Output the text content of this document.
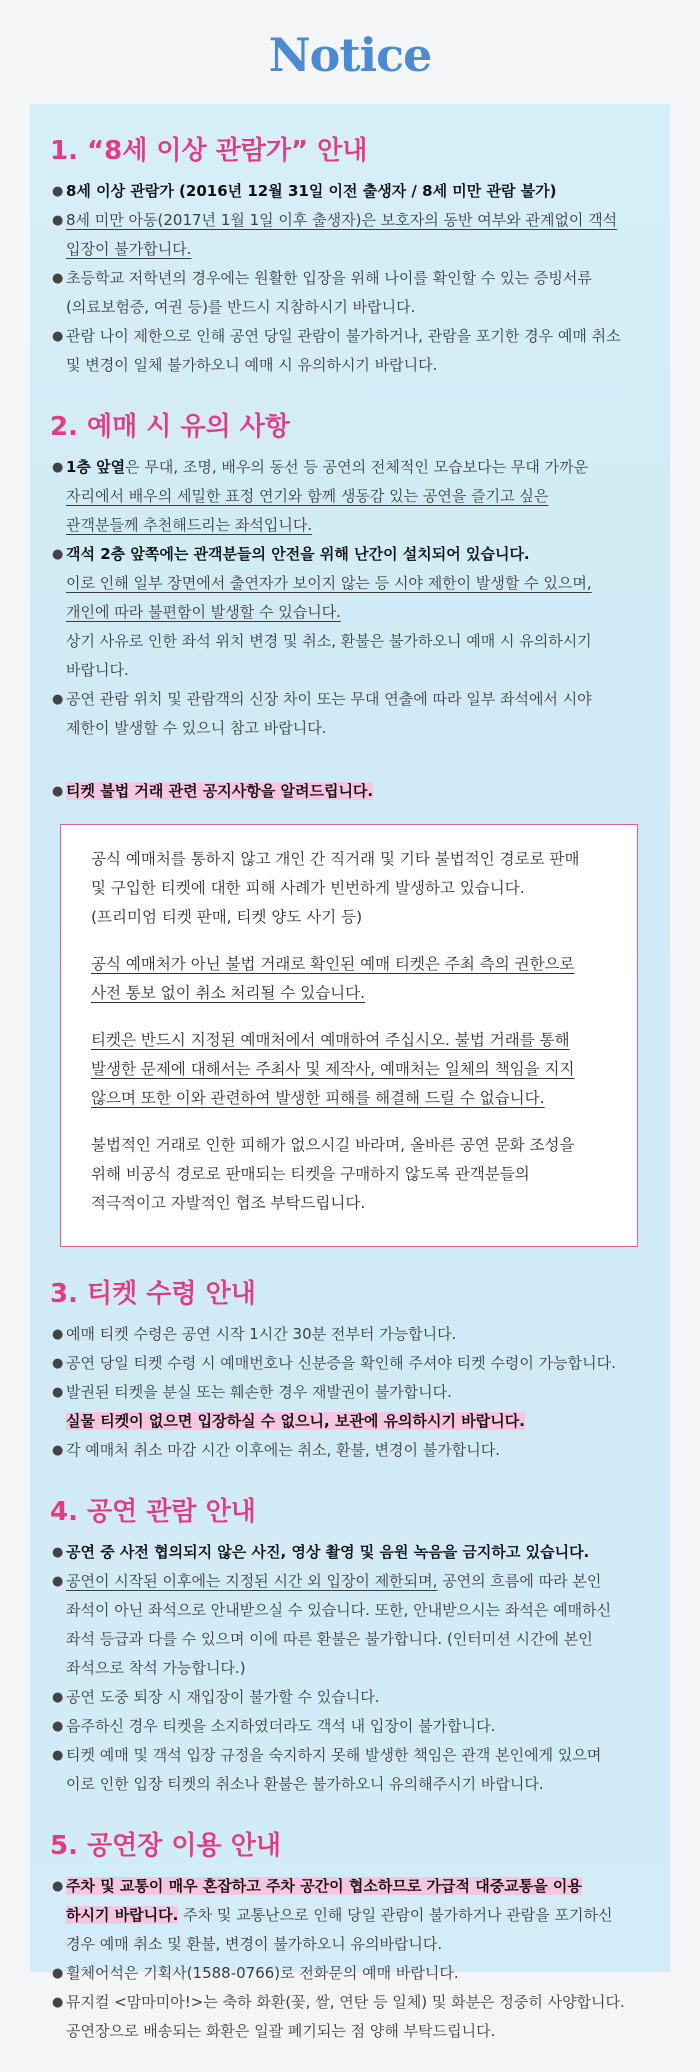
Notice
1. “8세 이상 관람가” 안내
● 8세 이상 관람가 (2016년 12월 31일 이전 출생자 / 8세 미만 관람 불가)
● 8세 미만 아동(2017년 1월 1일 이후 출생자)은 보호자의 동반 여부와 관계없이 객석
입장이 불가합니다.
● 초등학교 저학년의 경우에는 원활한 입장을 위해 나이를 확인할 수 있는 증빙서류
(의료보험증, 여권 등)를 반드시 지참하시기 바랍니다.
● 관람 나이 제한으로 인해 공연 당일 관람이 불가하거나, 관람을 포기한 경우 예매 취소
및 변경이 일체 불가하오니 예매 시 유의하시기 바랍니다.
2. 예매 시 유의 사항
● 1층 앞열은 무대, 조명, 배우의 동선 등 공연의 전체적인 모습보다는 무대 가까운
자리에서 배우의 세밀한 표정 연기와 함께 생동감 있는 공연을 즐기고 싶은
관객분들께 추천해드리는 좌석입니다.
● 객석 2층 앞쪽에는 관객분들의 안전을 위해 난간이 설치되어 있습니다.
이로 인해 일부 장면에서 출연자가 보이지 않는 등 시야 제한이 발생할 수 있으며,
개인에 따라 불편함이 발생할 수 있습니다.
상기 사유로 인한 좌석 위치 변경 및 취소, 환불은 불가하오니 예매 시 유의하시기
바랍니다.
● 공연 관람 위치 및 관람객의 신장 차이 또는 무대 연출에 따라 일부 좌석에서 시야
제한이 발생할 수 있으니 참고 바랍니다.
● 티켓 불법 거래 관련 공지사항을 알려드립니다.

공식 예매처를 통하지 않고 개인 간 직거래 및 기타 불법적인 경로로 판매
및 구입한 티켓에 대한 피해 사례가 빈번하게 발생하고 있습니다.
(프리미엄 티켓 판매, 티켓 양도 사기 등)

공식 예매처가 아닌 불법 거래로 확인된 예매 티켓은 주최 측의 권한으로
사전 통보 없이 취소 처리될 수 있습니다.

티켓은 반드시 지정된 예매처에서 예매하여 주십시오. 불법 거래를 통해
발생한 문제에 대해서는 주최사 및 제작사, 예매처는 일체의 책임을 지지
않으며 또한 이와 관련하여 발생한 피해를 해결해 드릴 수 없습니다.

불법적인 거래로 인한 피해가 없으시길 바라며, 올바른 공연 문화 조성을
위해 비공식 경로로 판매되는 티켓을 구매하지 않도록 관객분들의
적극적이고 자발적인 협조 부탁드립니다.

3. 티켓 수령 안내
● 예매 티켓 수령은 공연 시작 1시간 30분 전부터 가능합니다.
● 공연 당일 티켓 수령 시 예매번호나 신분증을 확인해 주셔야 티켓 수령이 가능합니다.
● 발권된 티켓을 분실 또는 훼손한 경우 재발권이 불가합니다.
실물 티켓이 없으면 입장하실 수 없으니, 보관에 유의하시기 바랍니다.
● 각 예매처 취소 마감 시간 이후에는 취소, 환불, 변경이 불가합니다.
4. 공연 관람 안내
● 공연 중 사전 협의되지 않은 사진, 영상 촬영 및 음원 녹음을 금지하고 있습니다.
● 공연이 시작된 이후에는 지정된 시간 외 입장이 제한되며, 공연의 흐름에 따라 본인
좌석이 아닌 좌석으로 안내받으실 수 있습니다. 또한, 안내받으시는 좌석은 예매하신
좌석 등급과 다를 수 있으며 이에 따른 환불은 불가합니다. (인터미션 시간에 본인
좌석으로 착석 가능합니다.)
● 공연 도중 퇴장 시 재입장이 불가할 수 있습니다.
● 음주하신 경우 티켓을 소지하였더라도 객석 내 입장이 불가합니다.
● 티켓 예매 및 객석 입장 규정을 숙지하지 못해 발생한 책임은 관객 본인에게 있으며
이로 인한 입장 티켓의 취소나 환불은 불가하오니 유의해주시기 바랍니다.
5. 공연장 이용 안내
● 주차 및 교통이 매우 혼잡하고 주차 공간이 협소하므로 가급적 대중교통을 이용
하시기 바랍니다. 주차 및 교통난으로 인해 당일 관람이 불가하거나 관람을 포기하신
경우 예매 취소 및 환불, 변경이 불가하오니 유의바랍니다.
● 휠체어석은 기획사(1588-0766)로 전화문의 예매 바랍니다.
● 뮤지컬 <맘마미아!>는 축하 화환(꽃, 쌀, 연탄 등 일체) 및 화분은 정중히 사양합니다.
공연장으로 배송되는 화환은 일괄 폐기되는 점 양해 부탁드립니다.
